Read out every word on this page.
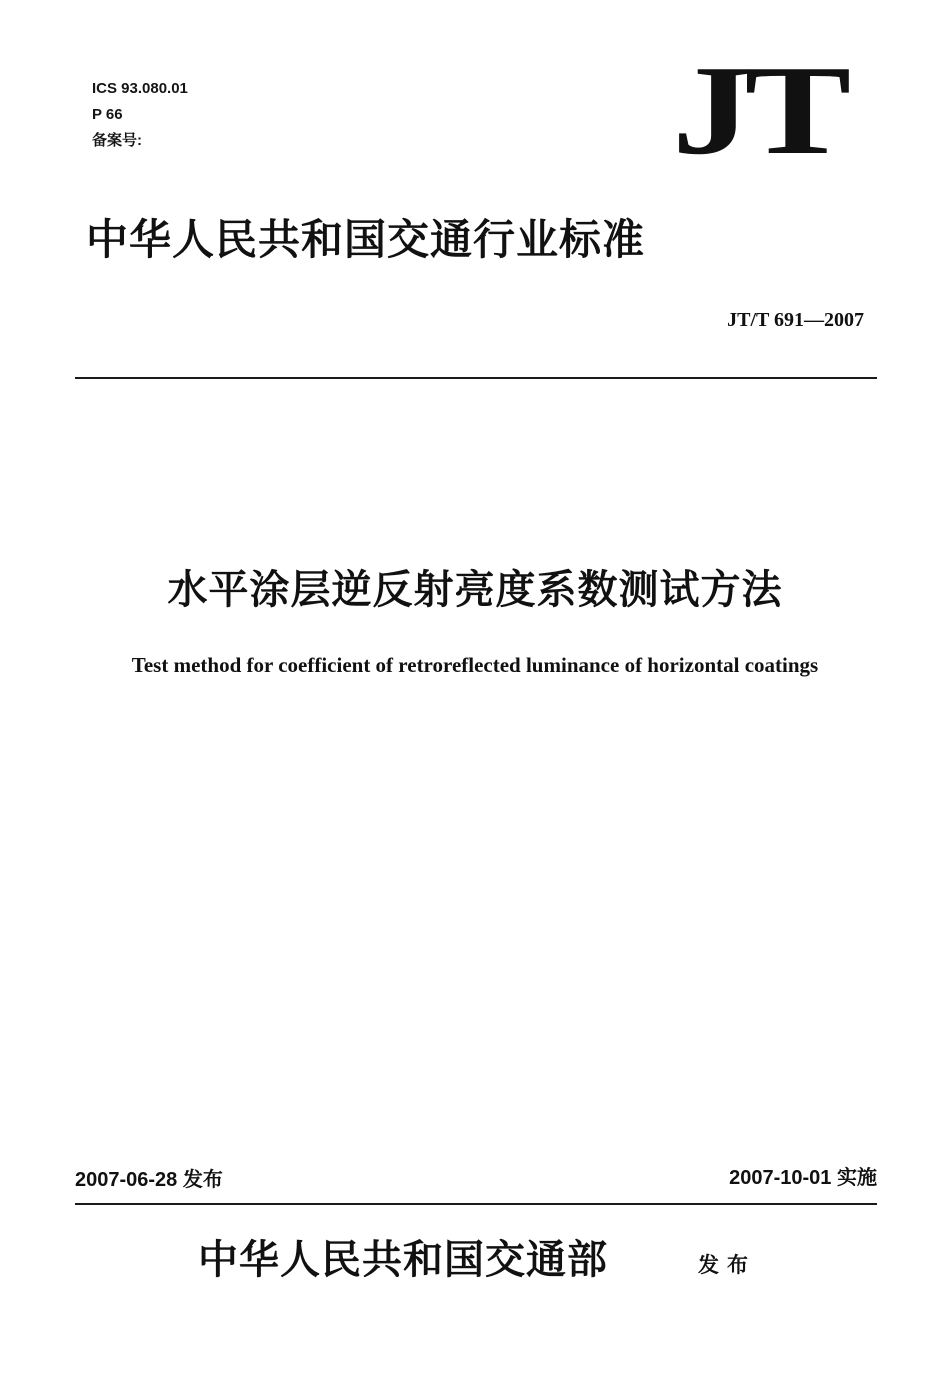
ICS 93.080.01
P 66
备案号:	JT
中华人民共和国交通行业标准
JT/T 691—2007
水平涂层逆反射亮度系数测试方法
Test method for coefficient of retroreflected luminance of horizontal coatings
2007-06-28 发布	2007-10-01 实施
中华人民共和国交通部	发布
